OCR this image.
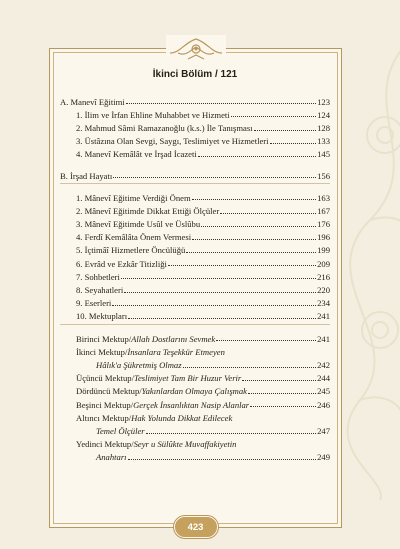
423
İkinci Bölüm / 121
A. Manevî Eğitimi	123
1. İlim ve İrfan Ehline Muhabbet ve Hizmeti	124
2. Mahmud Sâmi Ramazanoğlu (k.s.) İle Tanışması	128
3. Üstâzına Olan Sevgi, Saygı, Teslimiyet ve Hizmetleri	133
4. Manevî Kemâlât ve İrşad İcazeti	145
B. İrşad Hayatı	156
1. Mânevî Eğitime Verdiği Önem	163
2. Mânevî Eğitimde Dikkat Ettiği Ölçüler	167
3. Mânevî Eğitimde Usûl ve Üslûbu	176
4. Ferdî Kemâlâta Önem Vermesi	196
5. İçtimâî Hizmetlere Öncülüğü	199
6. Evrâd ve Ezkâr Titizliği	209
7. Sohbetleri	216
8. Seyahatleri	220
9. Eserleri	234
10. Mektupları	241
Birinci Mektup/Allah Dostlarını Sevmek	241
İkinci Mektup/İnsanlara Teşekkür Etmeyen
Hâlık'a Şükretmiş Olmaz	242
Üçüncü Mektup/Teslimiyet Tam Bir Huzur Verir	244
Dördüncü Mektup/Yakınlardan Olmaya Çalışmak	245
Beşinci Mektup/Gerçek İnsanlıktan Nasip Alanlar	246
Altıncı Mektup/Hak Yolunda Dikkat Edilecek
Temel Ölçüler	247
Yedinci Mektup/Seyr u Sülûkte Muvaffakiyetin
Anahtarı	249
